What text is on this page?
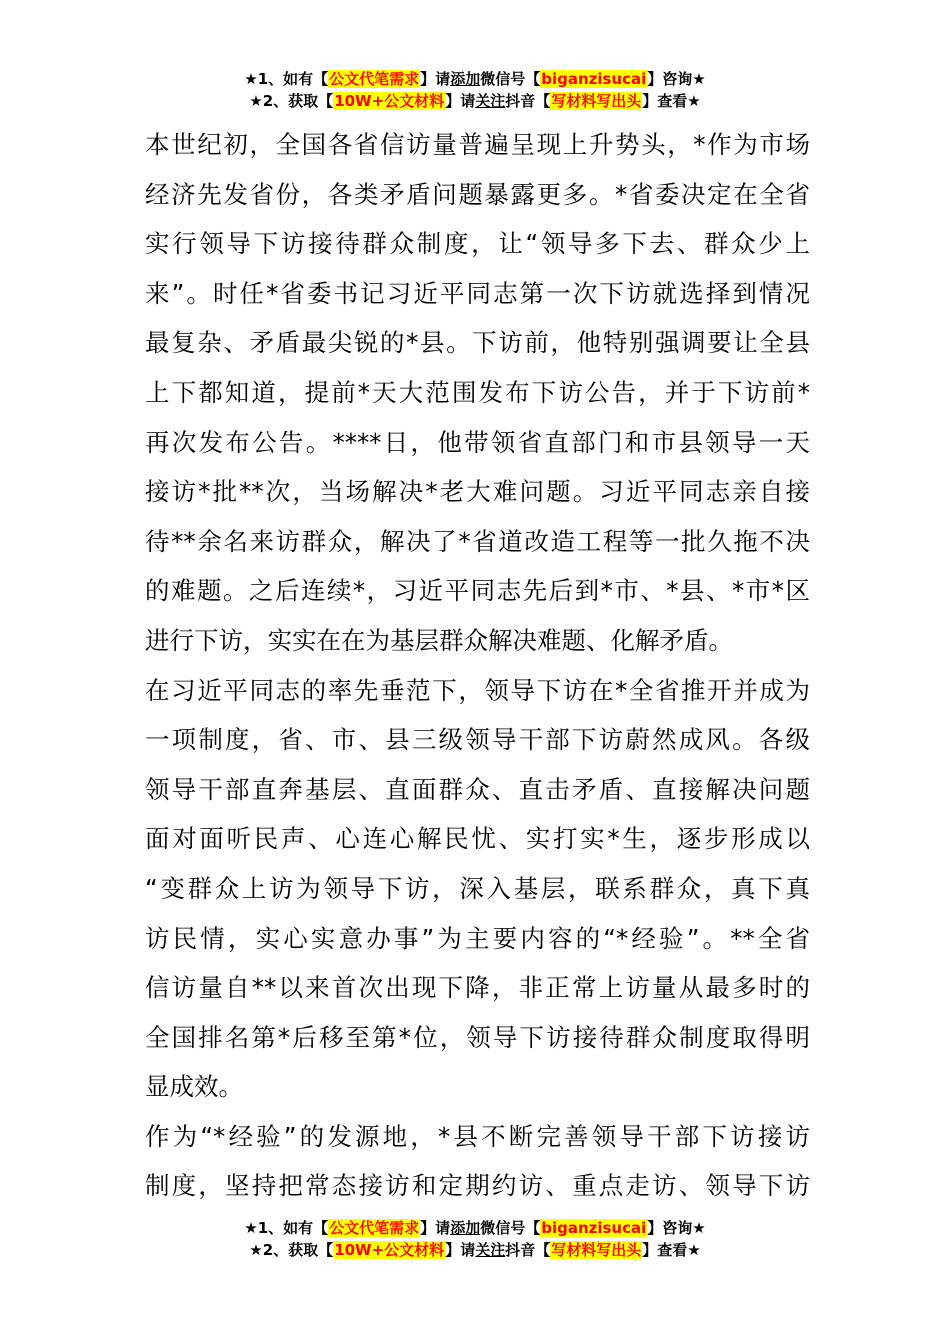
★1、如有【公文代笔需求】请添加微信号【biganzisucai】咨询★
★2、获取【10W+公文材料】请关注抖音【写材料写出头】查看★
本世纪初，全国各省信访量普遍呈现上升势头，*作为市场
经济先发省份，各类矛盾问题暴露更多。*省委决定在全省
实行领导下访接待群众制度，让“领导多下去、群众少上
来”。时任*省委书记习近平同志第一次下访就选择到情况
最复杂、矛盾最尖锐的*县。下访前，他特别强调要让全县
上下都知道，提前*天大范围发布下访公告，并于下访前*
再次发布公告。****日，他带领省直部门和市县领导一天
接访*批**次，当场解决*老大难问题。习近平同志亲自接
待**余名来访群众，解决了*省道改造工程等一批久拖不决
的难题。之后连续*，习近平同志先后到*市、*县、*市*区
进行下访，实实在在为基层群众解决难题、化解矛盾。
在习近平同志的率先垂范下，领导下访在*全省推开并成为
一项制度，省、市、县三级领导干部下访蔚然成风。各级
领导干部直奔基层、直面群众、直击矛盾、直接解决问题
面对面听民声、心连心解民忧、实打实*生，逐步形成以
“变群众上访为领导下访，深入基层，联系群众，真下真
访民情，实心实意办事”为主要内容的“*经验”。**全省
信访量自**以来首次出现下降，非正常上访量从最多时的
全国排名第*后移至第*位，领导下访接待群众制度取得明
显成效。
作为“*经验”的发源地，*县不断完善领导干部下访接访
制度，坚持把常态接访和定期约访、重点走访、领导下访
★1、如有【公文代笔需求】请添加微信号【biganzisucai】咨询★
★2、获取【10W+公文材料】请关注抖音【写材料写出头】查看★
